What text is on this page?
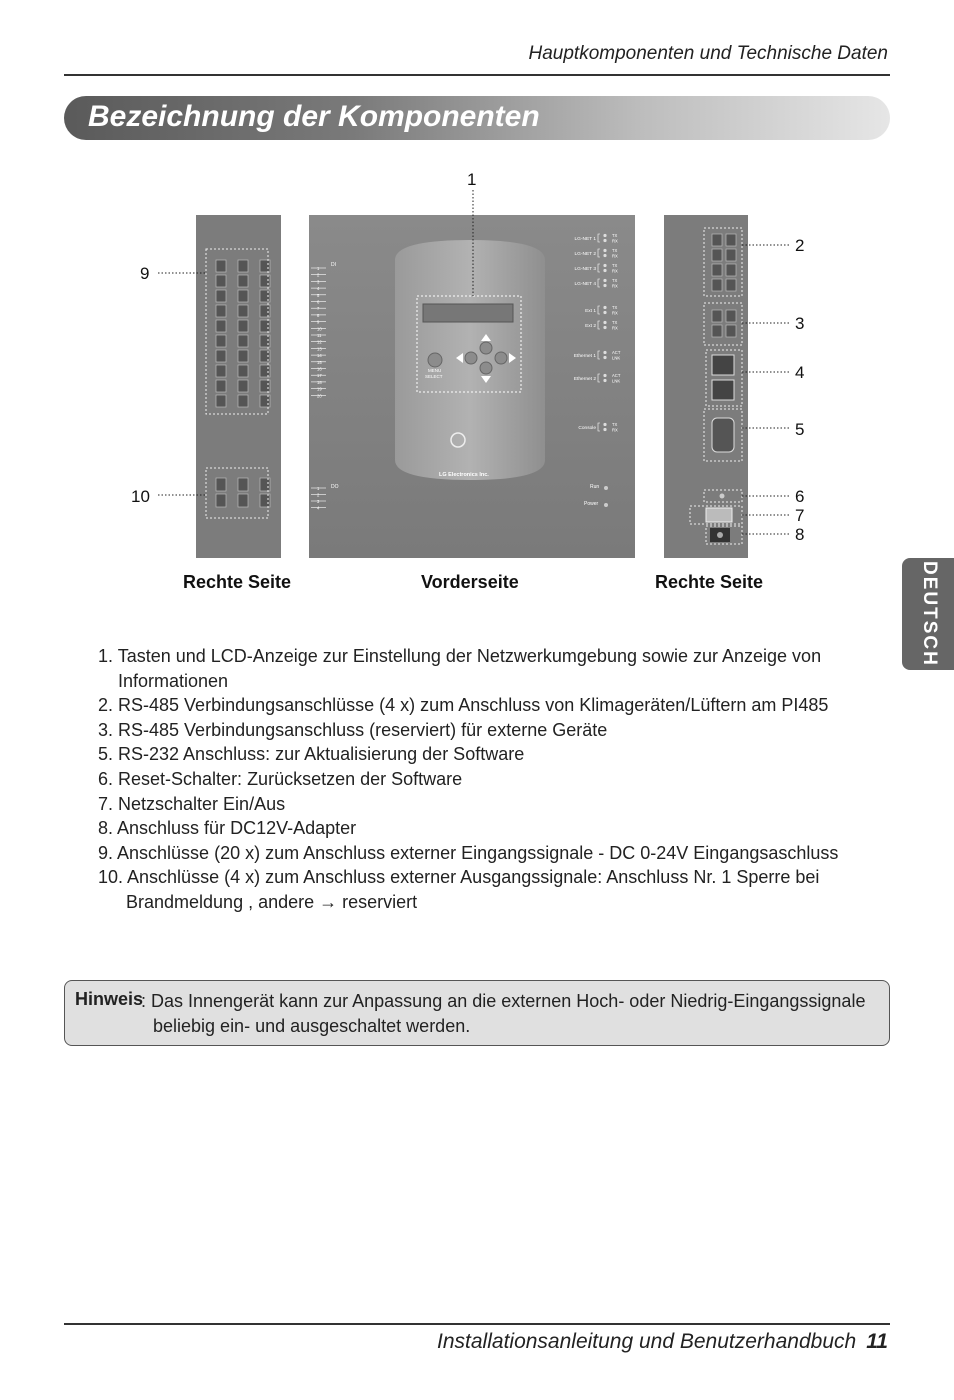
Hauptkomponenten und Technische Daten
Bezeichnung der Komponenten
DEUTSCH
MENU
SELECT
LG Electronics Inc.
1
2
3
4
5
6
7
8
9
10
11
12
13
14
15
16
17
18
19
20
DI
1
2
3
4
DO
LG-NET 1
TX
RX
LG-NET 2
TX
RX
LG-NET 3
TX
RX
LG-NET 4
TX
RX
Ext 1
TX
RX
Ext 2
TX
RX
Ethernet 1
ACT
LNK
Ethernet 2
ACT
LNK
Console
TX
RX
Run
Power
1
2
3
4
5
6
7
8
9
10
Rechte Seite	Vorderseite	Rechte Seite
1. Tasten und LCD-Anzeige zur Einstellung der Netzwerkumgebung sowie zur Anzeige von
Informationen
2. RS-485 Verbindungsanschlüsse (4 x) zum Anschluss von Klimageräten/Lüftern am PI485
3. RS-485 Verbindungsanschluss (reserviert) für externe Geräte
5. RS-232 Anschluss: zur Aktualisierung der Software
6. Reset-Schalter: Zurücksetzen der Software
7. Netzschalter Ein/Aus
8. Anschluss für DC12V-Adapter
9. Anschlüsse (20 x) zum Anschluss externer Eingangssignale - DC 0-24V Eingangsaschluss
10. Anschlüsse (4 x) zum Anschluss externer Ausgangssignale: Anschluss Nr. 1 Sperre bei
Brandmeldung , andere → reserviert
Hinweis
: Das Innengerät kann zur Anpassung an die externen Hoch- oder Niedrig-Eingangssignale
beliebig ein- und ausgeschaltet werden.
Installationsanleitung und Benutzerhandbuch 11
